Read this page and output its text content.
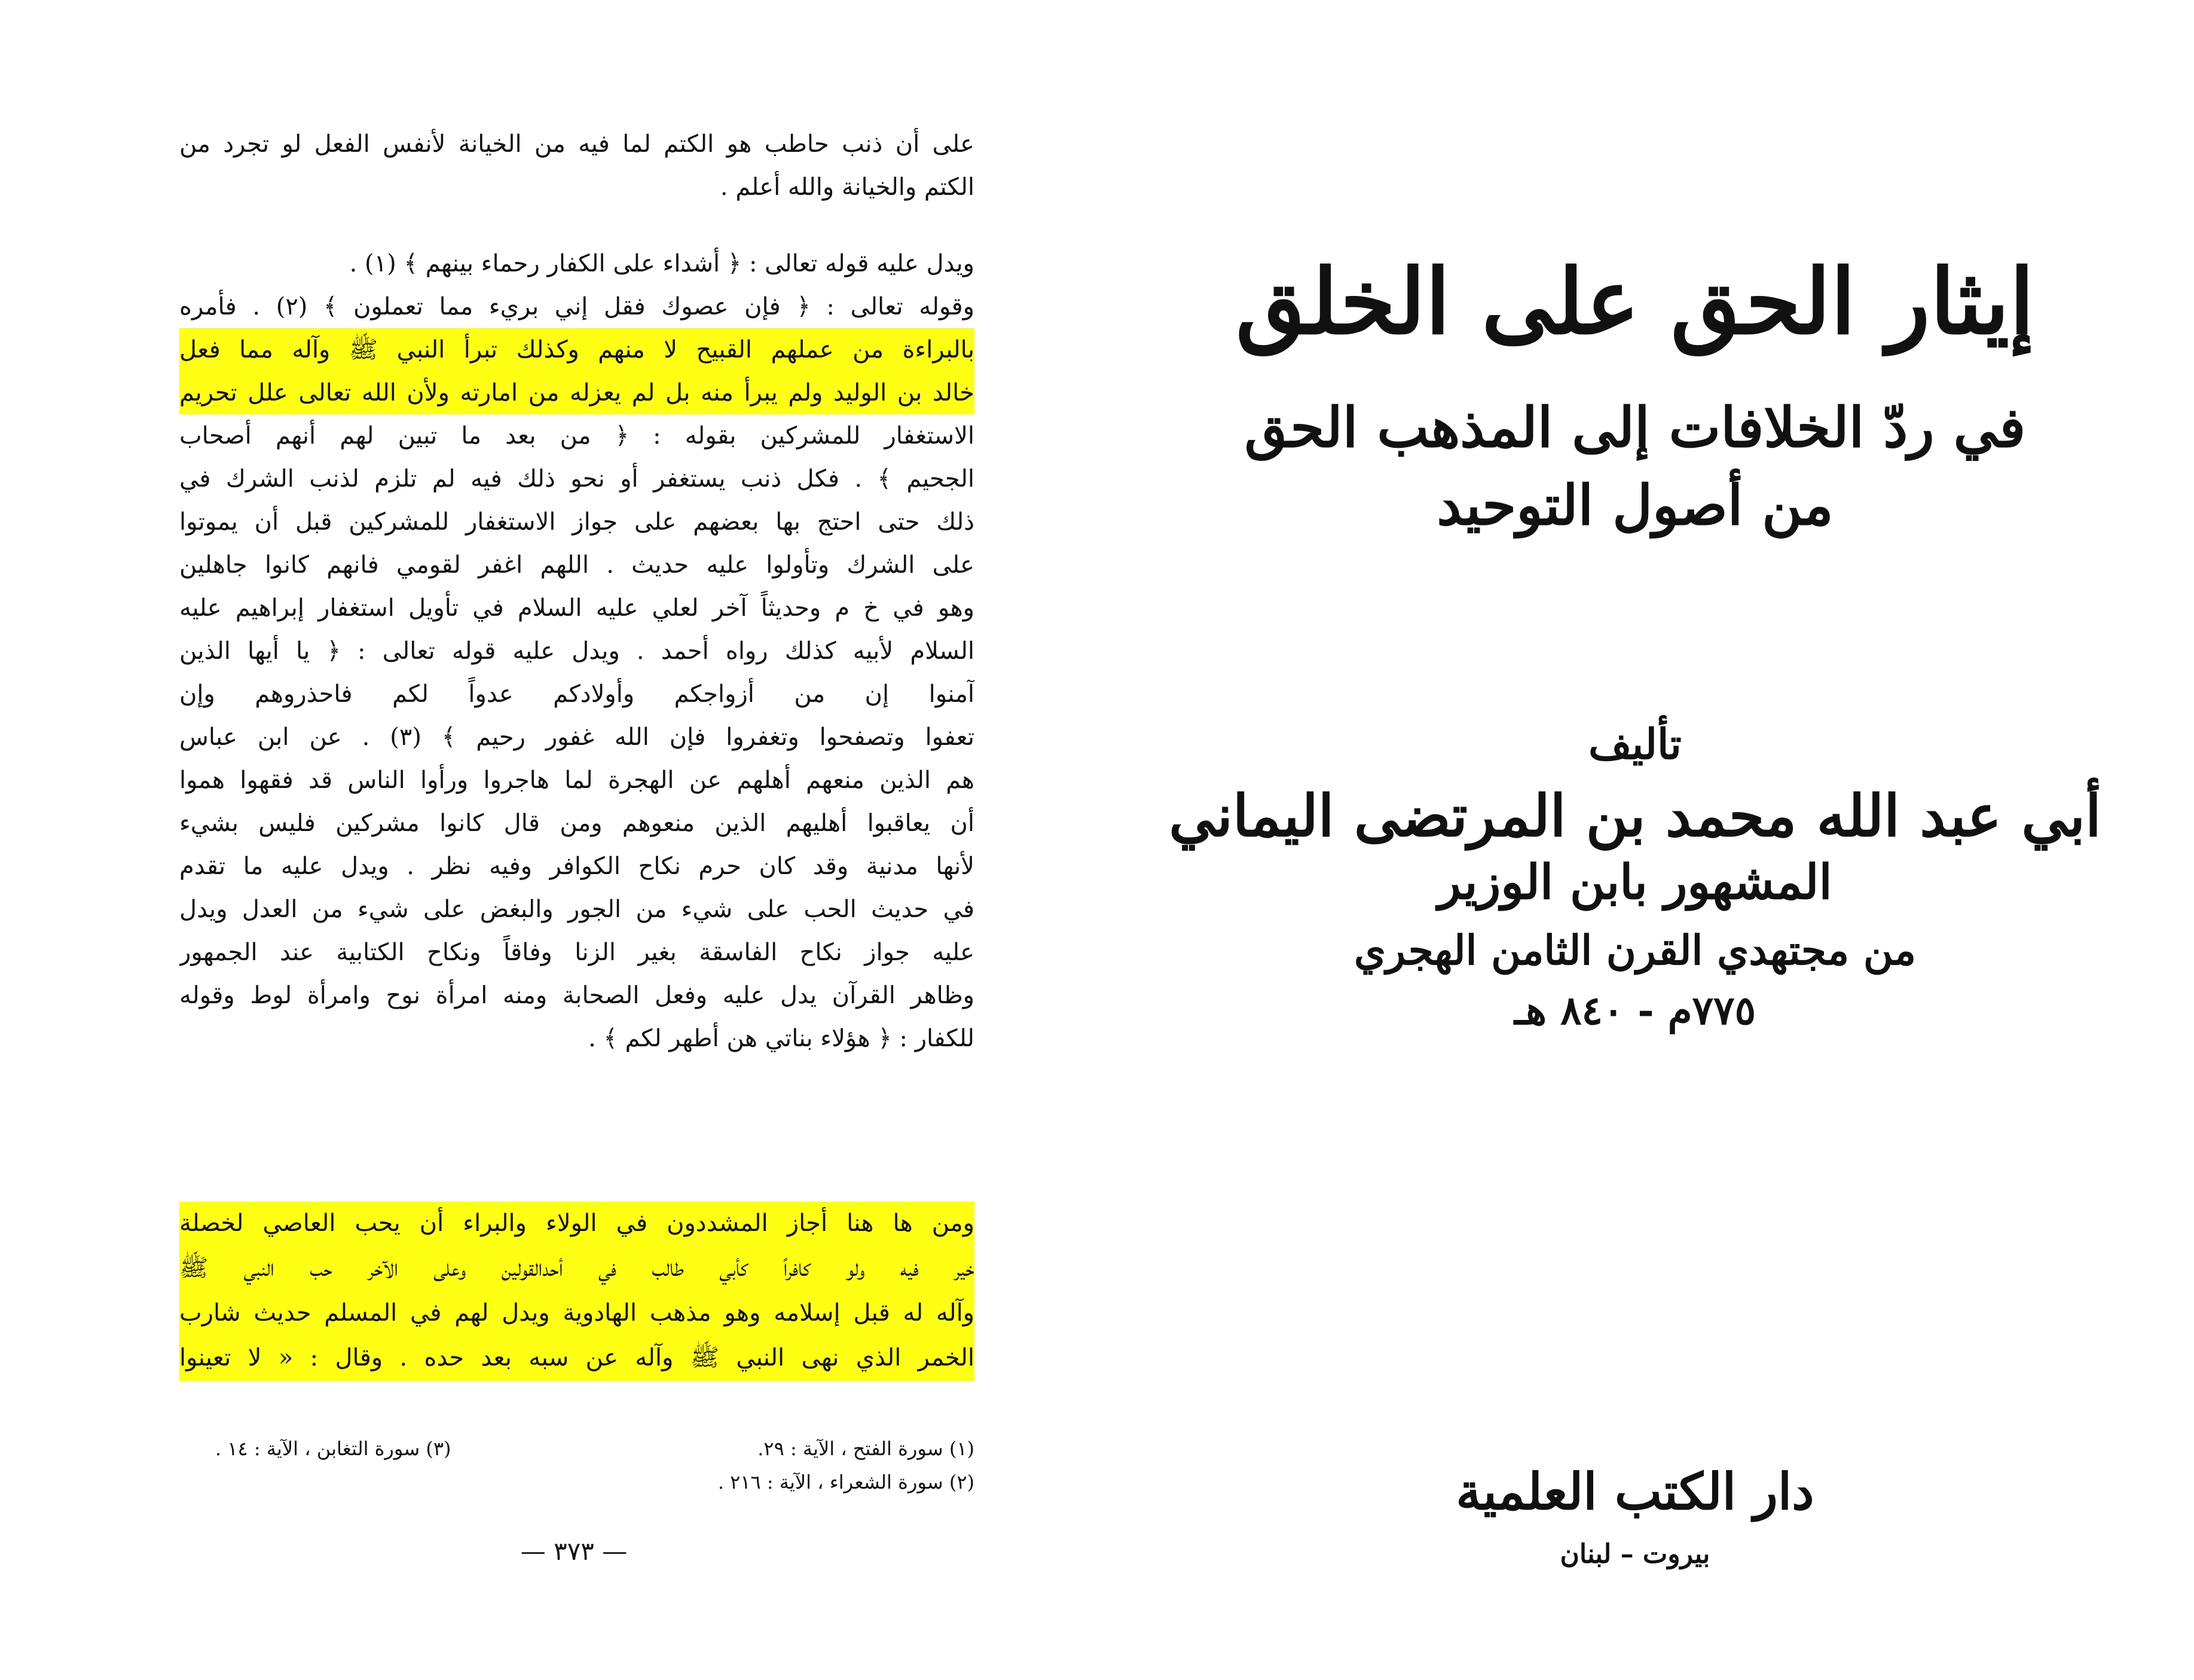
على أن ذنب حاطب هو الكتم لما فيه من الخيانة لأنفس الفعل لو تجرد من
الكتم والخيانة والله أعلم .
ويدل عليه قوله تعالى : ﴿ أشداء على الكفار رحماء بينهم ﴾ (١) .
وقوله تعالى : ﴿ فإن عصوك فقل إني بريء مما تعملون ﴾ (٢) . فأمره
بالبراءة من عملهم القبيح لا منهم وكذلك تبرأ النبي ﷺ وآله مما فعل
خالد بن الوليد ولم يبرأ منه بل لم يعزله من امارته ولأن الله تعالى علل تحريم
الاستغفار للمشركين بقوله : ﴿ من بعد ما تبين لهم أنهم أصحاب
الجحيم ﴾ . فكل ذنب يستغفر أو نحو ذلك فيه لم تلزم لذنب الشرك في
ذلك حتى احتج بها بعضهم على جواز الاستغفار للمشركين قبل أن يموتوا
على الشرك وتأولوا عليه حديث . اللهم اغفر لقومي فانهم كانوا جاهلين
وهو في خ م وحديثاً آخر لعلي عليه السلام في تأويل استغفار إبراهيم عليه
السلام لأبيه كذلك رواه أحمد . ويدل عليه قوله تعالى : ﴿ يا أيها الذين
آمنوا إن من أزواجكم وأولادكم عدواً لكم فاحذروهم وإن
تعفوا وتصفحوا وتغفروا فإن الله غفور رحيم ﴾ (٣) . عن ابن عباس
هم الذين منعهم أهلهم عن الهجرة لما هاجروا ورأوا الناس قد فقهوا هموا
أن يعاقبوا أهليهم الذين منعوهم ومن قال كانوا مشركين فليس بشيء
لأنها مدنية وقد كان حرم نكاح الكوافر وفيه نظر . ويدل عليه ما تقدم
في حديث الحب على شيء من الجور والبغض على شيء من العدل ويدل
عليه جواز نكاح الفاسقة بغير الزنا وفاقاً ونكاح الكتابية عند الجمهور
وظاهر القرآن يدل عليه وفعل الصحابة ومنه امرأة نوح وامرأة لوط وقوله
للكفار : ﴿ هؤلاء بناتي هن أطهر لكم ﴾ .
ومن ها هنا أجاز المشددون في الولاء والبراء أن يحب العاصي لخصلة
خير فيه ولو كافراً كأبي طالب في أحدالقولين وعلى الآخر حب النبي ﷺ
وآله له قبل إسلامه وهو مذهب الهادوية ويدل لهم في المسلم حديث شارب
الخمر الذي نهى النبي ﷺ وآله عن سبه بعد حده . وقال : « لا تعينوا
(١) سورة الفتح ، الآية : ٢٩.
(٣) سورة التغابن ، الآية : ١٤ .
(٢) سورة الشعراء ، الآية : ٢١٦ .
— ٣٧٣ —
إيثار الحق على الخلق
في ردّ الخلافات إلى المذهب الحق
من أصول التوحيد
تأليف
أبي عبد الله محمد بن المرتضى اليماني
المشهور بابن الوزير
من مجتهدي القرن الثامن الهجري
٧٧٥م - ٨٤٠ هـ
دار الكتب العلمية
بيروت – لبنان
